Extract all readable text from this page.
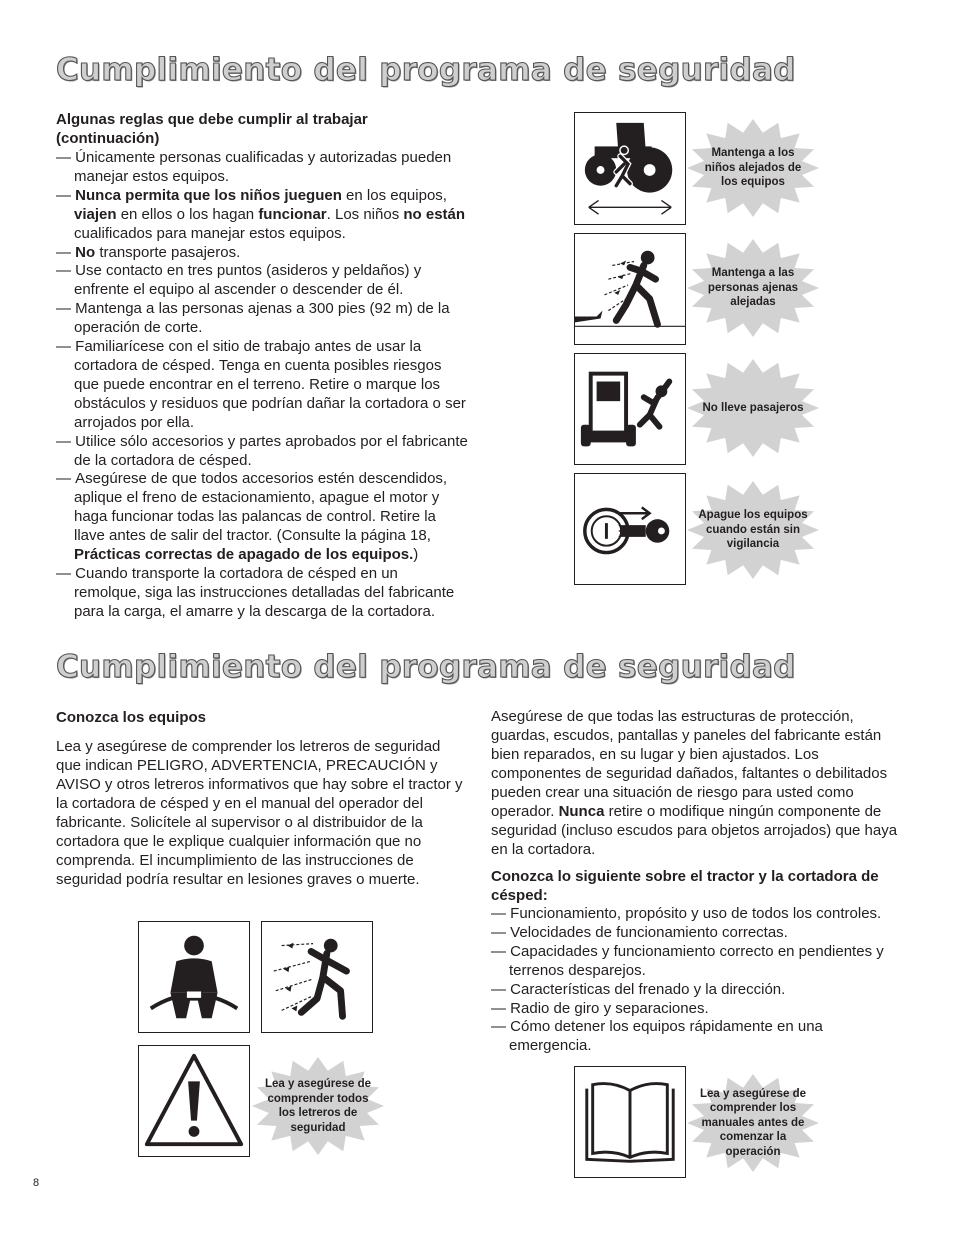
Cumplimiento del programa de seguridad

Algunas reglas que debe cumplir al trabajar (continuación)

— Únicamente personas cualificadas y autorizadas pueden manejar estos equipos.
— Nunca permita que los niños jueguen en los equipos, viajen en ellos o los hagan funcionar. Los niños no están cualificados para manejar estos equipos.
— No transporte pasajeros.
— Use contacto en tres puntos (asideros y peldaños) y enfrente el equipo al ascender o descender de él.
— Mantenga a las personas ajenas a 300 pies (92 m) de la operación de corte.
— Familiarícese con el sitio de trabajo antes de usar la cortadora de césped. Tenga en cuenta posibles riesgos que puede encontrar en el terreno. Retire o marque los obstáculos y residuos que podrían dañar la cortadora o ser arrojados por ella.
— Utilice sólo accesorios y partes aprobados por el fabricante de la cortadora de césped.
— Asegúrese de que todos accesorios estén descendidos, aplique el freno de estacionamiento, apague el motor y haga funcionar todas las palancas de control. Retire la llave antes de salir del tractor. (Consulte la página 18, Prácticas correctas de apagado de los equipos.)
— Cuando transporte la cortadora de césped en un remolque, siga las instrucciones detalladas del fabricante para la carga, el amarre y la descarga de la cortadora.
Mantenga a los niños alejados de los equipos
Mantenga a las personas ajenas alejadas
No lleve pasajeros
Apague los equipos cuando están sin vigilancia
Cumplimiento del programa de seguridad

Conozca los equipos

Lea y asegúrese de comprender los letreros de seguridad que indican PELIGRO, ADVERTENCIA, PRECAUCIÓN y AVISO y otros letreros informativos que hay sobre el tractor y la cortadora de césped y en el manual del operador del fabricante. Solicítele al supervisor o al distribuidor de la cortadora que le explique cualquier información que no comprenda. El incumplimiento de las instrucciones de seguridad podría resultar en lesiones graves o muerte.

Asegúrese de que todas las estructuras de protección, guardas, escudos, pantallas y paneles del fabricante están bien reparados, en su lugar y bien ajustados. Los componentes de seguridad dañados, faltantes o debilitados pueden crear una situación de riesgo para usted como operador. Nunca retire o modifique ningún componente de seguridad (incluso escudos para objetos arrojados) que haya en la cortadora.

Conozca lo siguiente sobre el tractor y la cortadora de césped:

— Funcionamiento, propósito y uso de todos los controles.
— Velocidades de funcionamiento correctas.
— Capacidades y funcionamiento correcto en pendientes y terrenos desparejos.
— Características del frenado y la dirección.
— Radio de giro y separaciones.
— Cómo detener los equipos rápidamente en una emergencia.
Lea y asegúrese de comprender todos los letreros de seguridad
Lea y asegúrese de comprender los manuales antes de comenzar la operación
8
